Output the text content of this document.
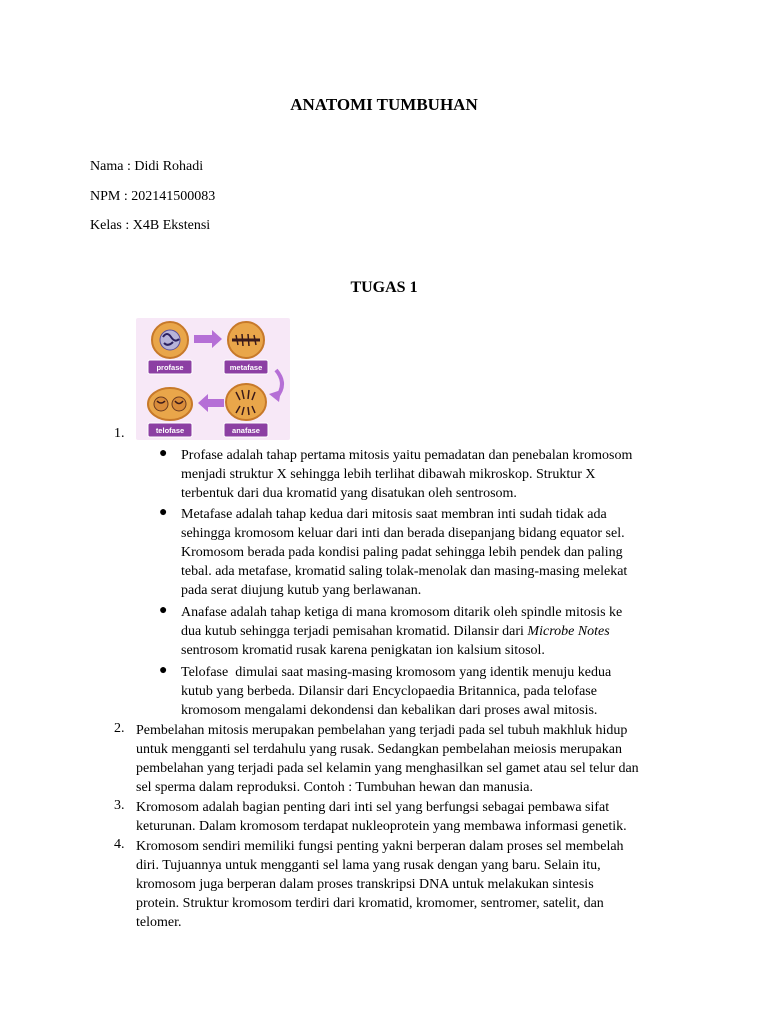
ANATOMI TUMBUHAN
Nama : Didi Rohadi
NPM : 202141500083
Kelas : X4B Ekstensi
TUGAS 1
profase	metafase
telofase	anafase
1.
● Profase adalah tahap pertama mitosis yaitu pemadatan dan penebalan kromosom
menjadi struktur X sehingga lebih terlihat dibawah mikroskop. Struktur X
terbentuk dari dua kromatid yang disatukan oleh sentrosom.
● Metafase adalah tahap kedua dari mitosis saat membran inti sudah tidak ada
sehingga kromosom keluar dari inti dan berada disepanjang bidang equator sel.
Kromosom berada pada kondisi paling padat sehingga lebih pendek dan paling
tebal. ada metafase, kromatid saling tolak-menolak dan masing-masing melekat
pada serat diujung kutub yang berlawanan.
● Anafase adalah tahap ketiga di mana kromosom ditarik oleh spindle mitosis ke
dua kutub sehingga terjadi pemisahan kromatid. Dilansir dari Microbe Notes
sentrosom kromatid rusak karena penigkatan ion kalsium sitosol.
● Telofase  dimulai saat masing-masing kromosom yang identik menuju kedua
kutub yang berbeda. Dilansir dari Encyclopaedia Britannica, pada telofase
kromosom mengalami dekondensi dan kebalikan dari proses awal mitosis.
2. Pembelahan mitosis merupakan pembelahan yang terjadi pada sel tubuh makhluk hidup
untuk mengganti sel terdahulu yang rusak. Sedangkan pembelahan meiosis merupakan
pembelahan yang terjadi pada sel kelamin yang menghasilkan sel gamet atau sel telur dan
sel sperma dalam reproduksi. Contoh : Tumbuhan hewan dan manusia.
3. Kromosom adalah bagian penting dari inti sel yang berfungsi sebagai pembawa sifat
keturunan. Dalam kromosom terdapat nukleoprotein yang membawa informasi genetik.
4. Kromosom sendiri memiliki fungsi penting yakni berperan dalam proses sel membelah
diri. Tujuannya untuk mengganti sel lama yang rusak dengan yang baru. Selain itu,
kromosom juga berperan dalam proses transkripsi DNA untuk melakukan sintesis
protein. Struktur kromosom terdiri dari kromatid, kromomer, sentromer, satelit, dan
telomer.
